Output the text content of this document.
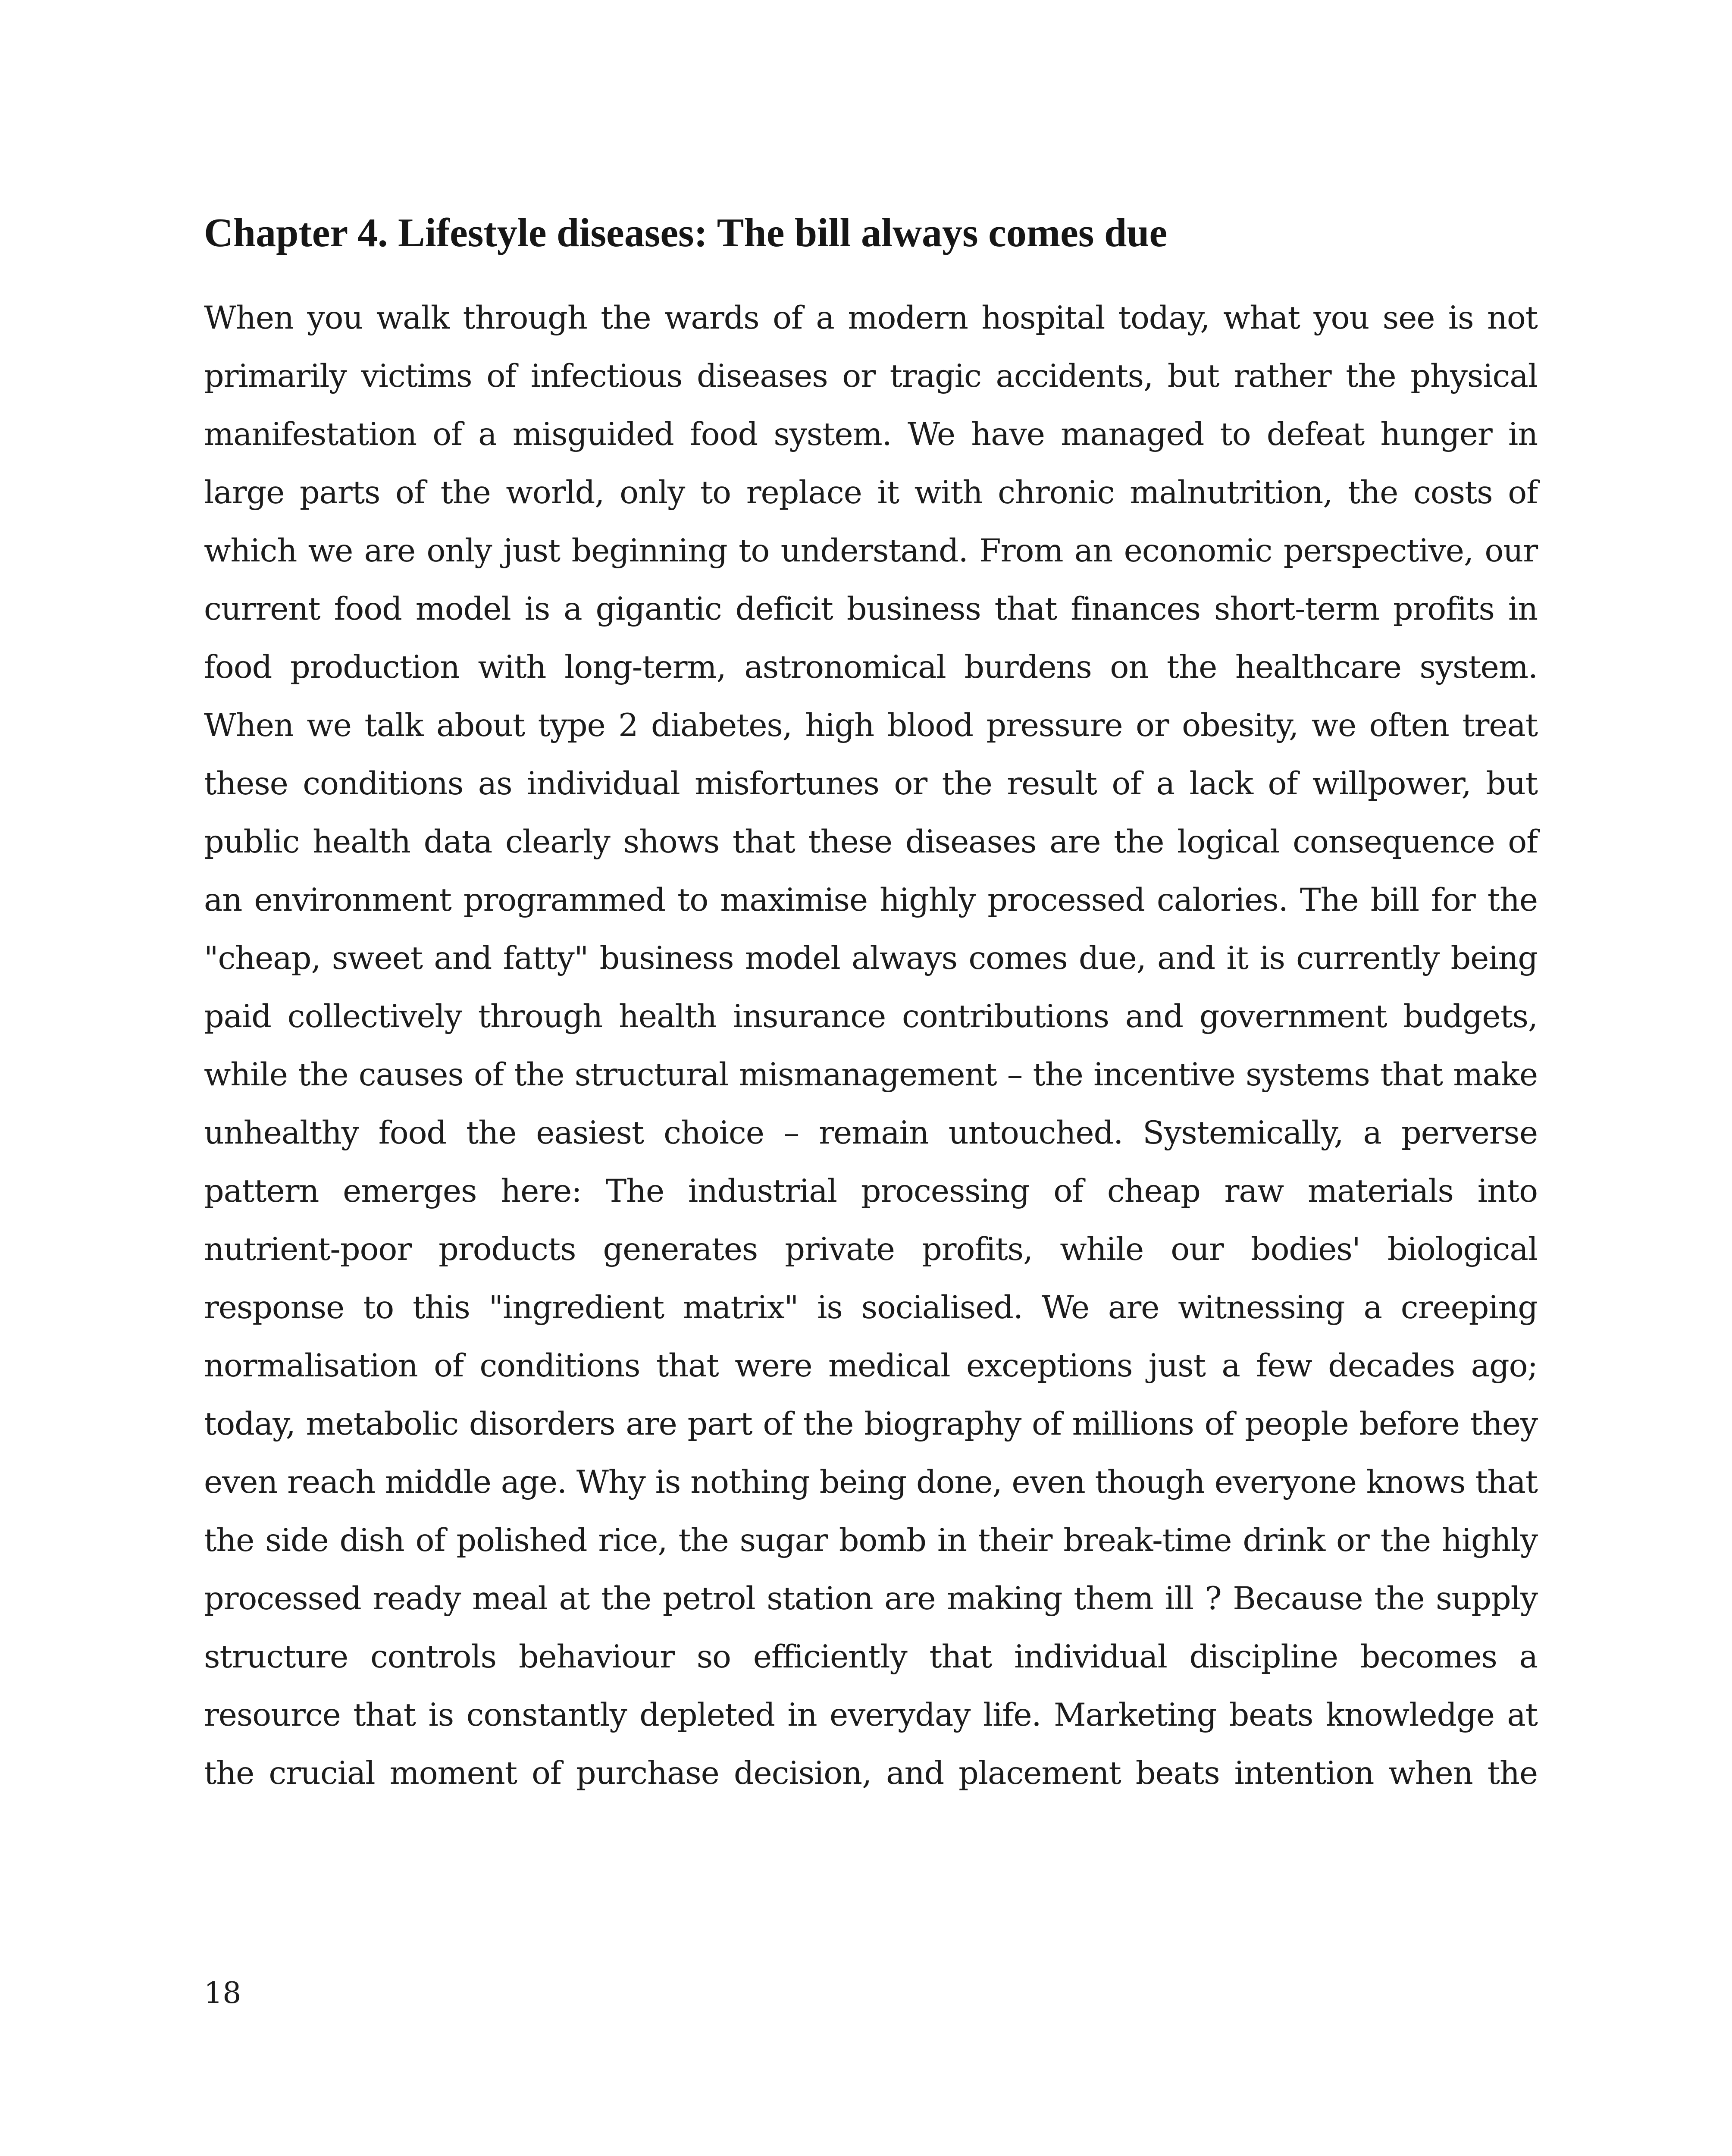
Chapter 4. Lifestyle diseases: The bill always comes due

When you walk through the wards of a modern hospital today, what you see is not primarily victims of infectious diseases or tragic accidents, but rather the physical manifestation of a misguided food system. We have managed to defeat hunger in large parts of the world, only to replace it with chronic malnutrition, the costs of which we are only just beginning to understand. From an economic perspective, our current food model is a gigantic deficit business that finances short-term profits in food production with long-term, astronomical burdens on the healthcare system. When we talk about type 2 diabetes, high blood pressure or obesity, we often treat these conditions as individual misfortunes or the result of a lack of willpower, but public health data clearly shows that these diseases are the logical consequence of an environment programmed to maximise highly processed calories. The bill for the "cheap, sweet and fatty" business model always comes due, and it is currently being paid collectively through health insurance contributions and government budgets, while the causes of the structural mismanagement – the incentive systems that make unhealthy food the easiest choice – remain untouched. Systemically, a perverse pattern emerges here: The industrial processing of cheap raw materials into nutrient-poor products generates private profits, while our bodies' biological response to this "ingredient matrix" is socialised. We are witnessing a creeping normalisation of conditions that were medical exceptions just a few decades ago; today, metabolic disorders are part of the biography of millions of people before they even reach middle age. Why is nothing being done, even though everyone knows that the side dish of polished rice, the sugar bomb in their break-time drink or the highly processed ready meal at the petrol station are making them ill ? Because the supply structure controls behaviour so efficiently that individual discipline becomes a resource that is constantly depleted in everyday life. Marketing beats knowledge at the crucial moment of purchase decision, and placement beats intention when the

18
